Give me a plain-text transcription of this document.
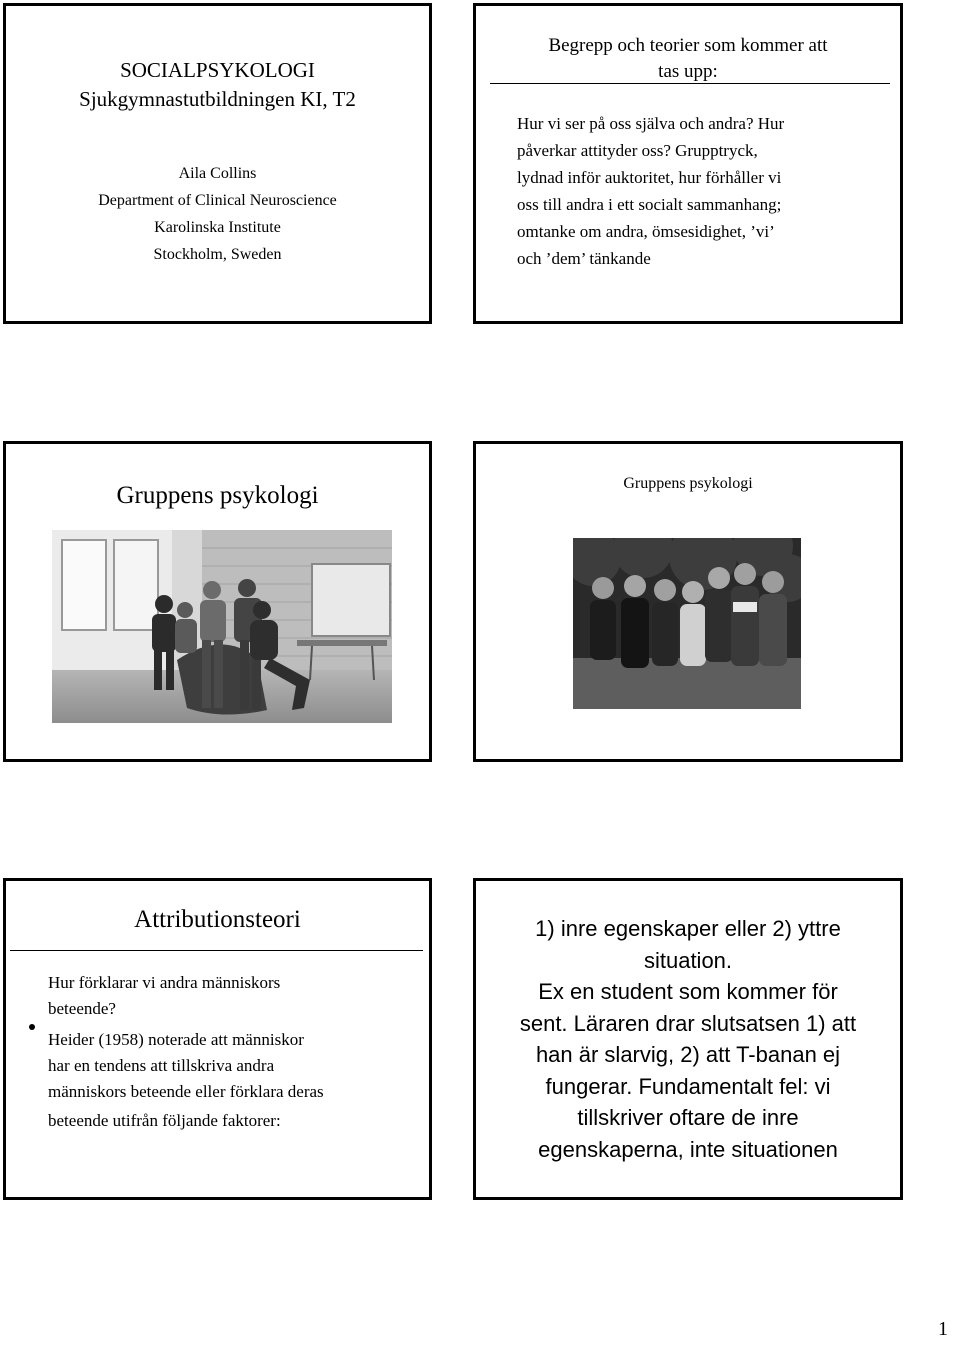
SOCIALPSYKOLOGI
Sjukgymnastutbildningen KI, T2
Aila Collins
Department of Clinical Neuroscience
Karolinska Institute
Stockholm, Sweden
Begrepp och teorier som kommer att
tas upp:
Hur vi ser på oss själva och andra? Hur
påverkar attityder oss? Grupptryck,
lydnad inför auktoritet, hur förhåller vi
oss till andra i ett socialt sammanhang;
omtanke om andra, ömsesidighet, ’vi’
och ’dem’ tänkande
Gruppens psykologi	Gruppens psykologi
Attributionsteori
Hur förklarar vi andra människors
beteende?
Heider (1958) noterade att människor
har en tendens att tillskriva andra
människors beteende eller förklara deras
beteende utifrån följande faktorer:
1) inre egenskaper eller 2) yttre
situation.
Ex en student som kommer för
sent. Läraren drar slutsatsen 1) att
han är slarvig, 2) att T-banan ej
fungerar. Fundamentalt fel: vi
tillskriver oftare de inre
egenskaperna, inte situationen
1
